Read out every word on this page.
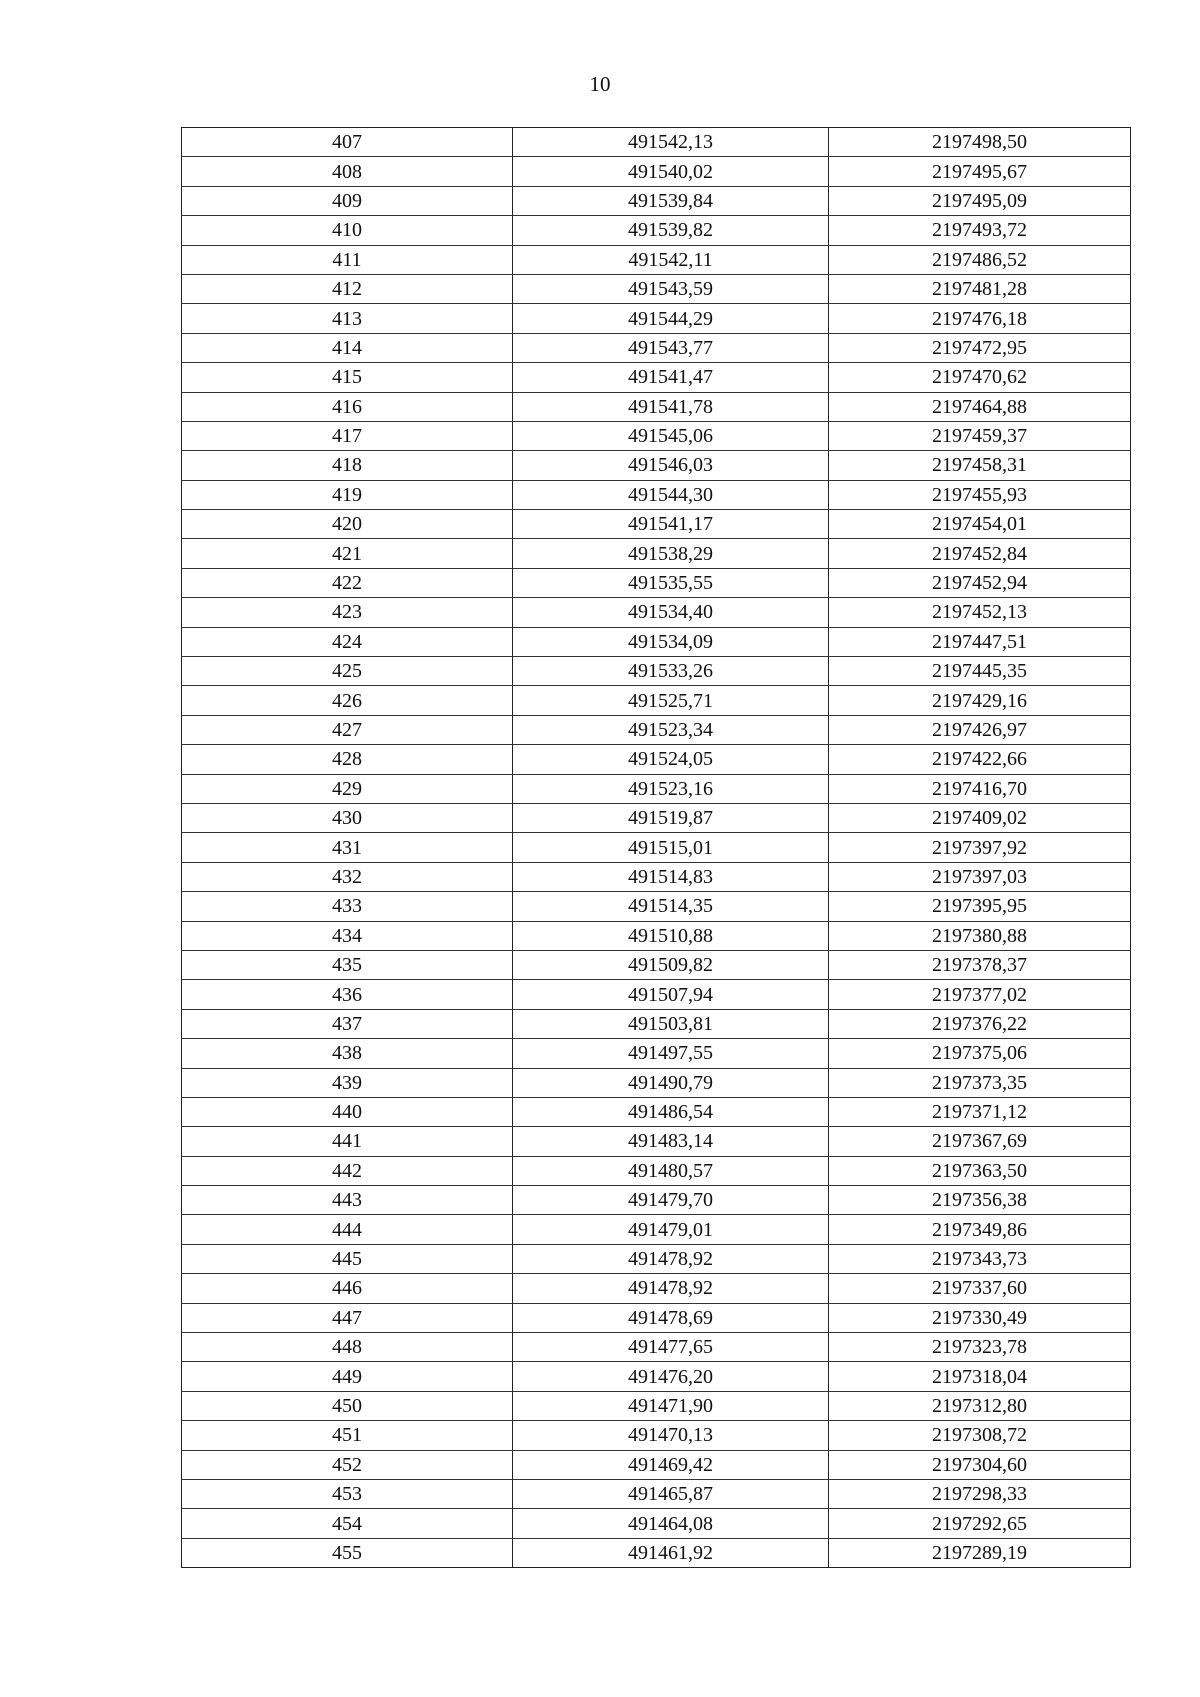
10
407	491542,13	2197498,50
408	491540,02	2197495,67
409	491539,84	2197495,09
410	491539,82	2197493,72
411	491542,11	2197486,52
412	491543,59	2197481,28
413	491544,29	2197476,18
414	491543,77	2197472,95
415	491541,47	2197470,62
416	491541,78	2197464,88
417	491545,06	2197459,37
418	491546,03	2197458,31
419	491544,30	2197455,93
420	491541,17	2197454,01
421	491538,29	2197452,84
422	491535,55	2197452,94
423	491534,40	2197452,13
424	491534,09	2197447,51
425	491533,26	2197445,35
426	491525,71	2197429,16
427	491523,34	2197426,97
428	491524,05	2197422,66
429	491523,16	2197416,70
430	491519,87	2197409,02
431	491515,01	2197397,92
432	491514,83	2197397,03
433	491514,35	2197395,95
434	491510,88	2197380,88
435	491509,82	2197378,37
436	491507,94	2197377,02
437	491503,81	2197376,22
438	491497,55	2197375,06
439	491490,79	2197373,35
440	491486,54	2197371,12
441	491483,14	2197367,69
442	491480,57	2197363,50
443	491479,70	2197356,38
444	491479,01	2197349,86
445	491478,92	2197343,73
446	491478,92	2197337,60
447	491478,69	2197330,49
448	491477,65	2197323,78
449	491476,20	2197318,04
450	491471,90	2197312,80
451	491470,13	2197308,72
452	491469,42	2197304,60
453	491465,87	2197298,33
454	491464,08	2197292,65
455	491461,92	2197289,19
